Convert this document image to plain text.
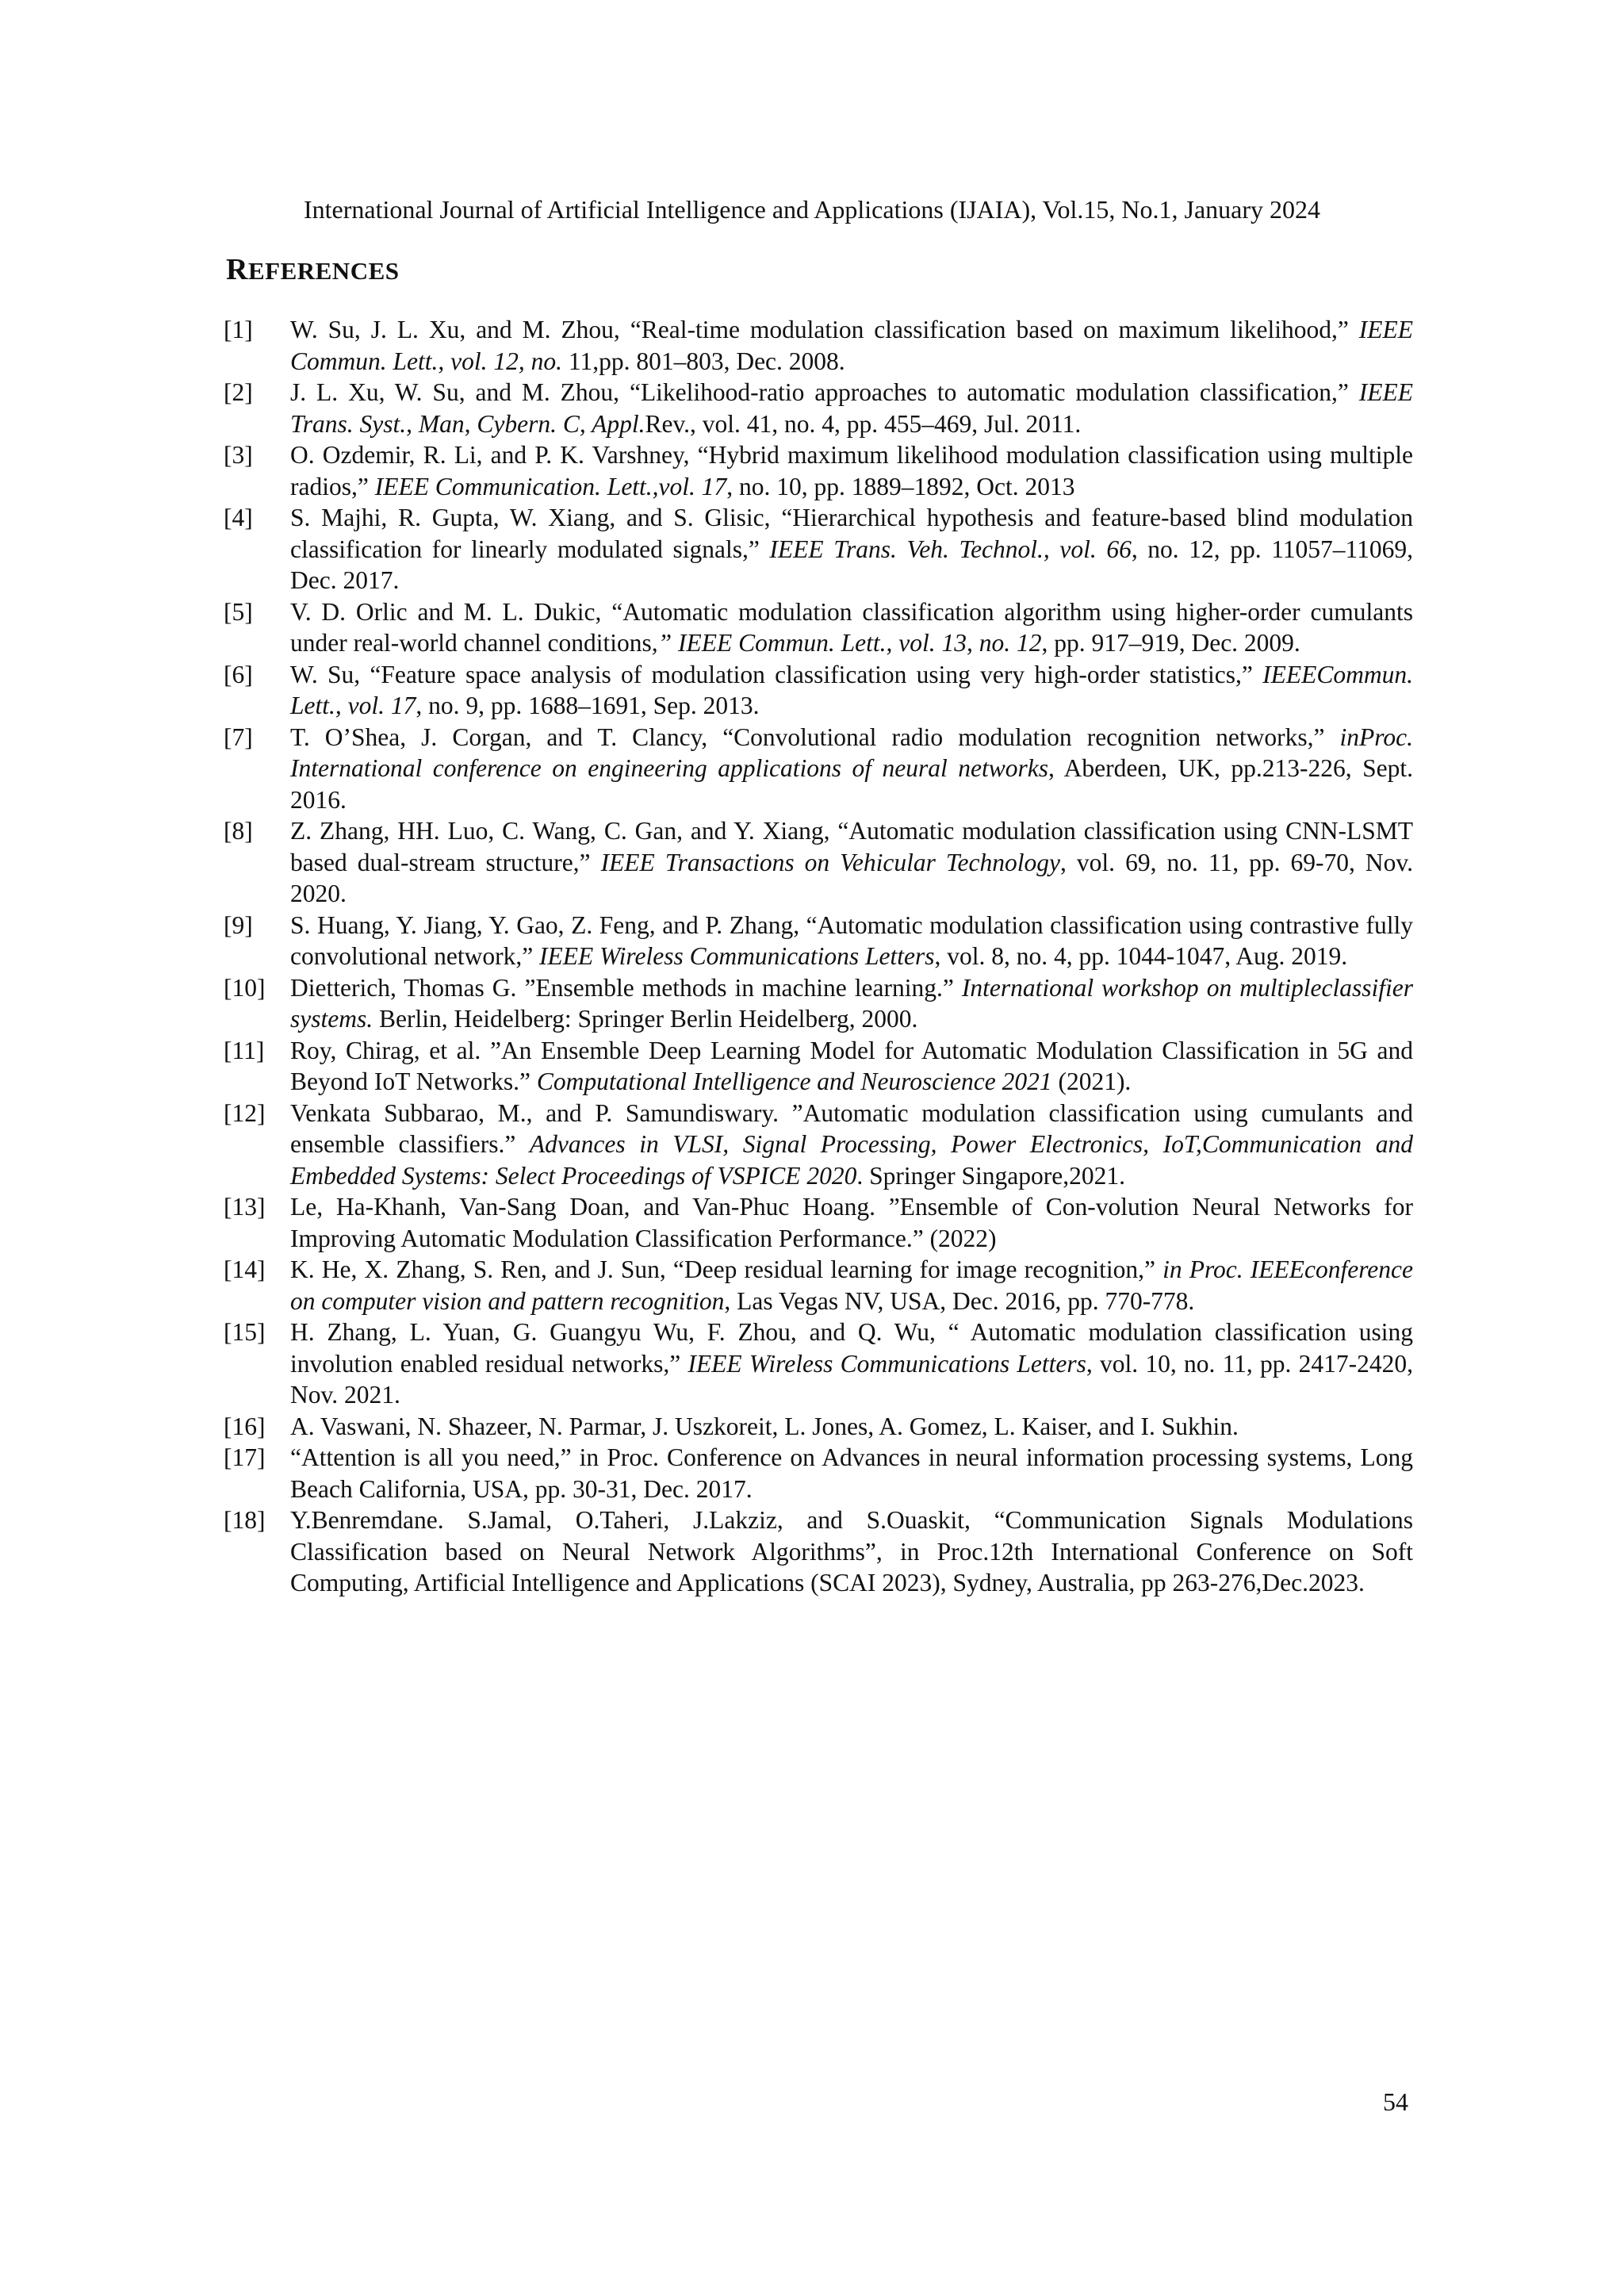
International Journal of Artificial Intelligence and Applications (IJAIA), Vol.15, No.1, January 2024
REFERENCES
[1]	W. Su, J. L. Xu, and M. Zhou, “Real-time modulation classification based on maximum likelihood,” IEEE Commun. Lett., vol. 12, no. 11,pp. 801–803, Dec. 2008.
[2]	J. L. Xu, W. Su, and M. Zhou, “Likelihood-ratio approaches to automatic modulation classification,” IEEE Trans. Syst., Man, Cybern. C, Appl.Rev., vol. 41, no. 4, pp. 455–469, Jul. 2011.
[3]	O. Ozdemir, R. Li, and P. K. Varshney, “Hybrid maximum likelihood modulation classification using multiple radios,” IEEE Communication. Lett.,vol. 17, no. 10, pp. 1889–1892, Oct. 2013
[4]	S. Majhi, R. Gupta, W. Xiang, and S. Glisic, “Hierarchical hypothesis and feature-based blind modulation classification for linearly modulated signals,” IEEE Trans. Veh. Technol., vol. 66, no. 12, pp. 11057–11069, Dec. 2017.
[5]	V. D. Orlic and M. L. Dukic, “Automatic modulation classification algorithm using higher-order cumulants under real-world channel conditions,” IEEE Commun. Lett., vol. 13, no. 12, pp. 917–919, Dec. 2009.
[6]	W. Su, “Feature space analysis of modulation classification using very high-order statistics,” IEEECommun. Lett., vol. 17, no. 9, pp. 1688–1691, Sep. 2013.
[7]	T. O’Shea, J. Corgan, and T. Clancy, “Convolutional radio modulation recognition networks,” inProc. International conference on engineering applications of neural networks, Aberdeen, UK, pp.213-226, Sept. 2016.
[8]	Z. Zhang, HH. Luo, C. Wang, C. Gan, and Y. Xiang, “Automatic modulation classification using CNN-LSMT based dual-stream structure,” IEEE Transactions on Vehicular Technology, vol. 69, no. 11, pp. 69-70, Nov. 2020.
[9]	S. Huang, Y. Jiang, Y. Gao, Z. Feng, and P. Zhang, “Automatic modulation classification using contrastive fully convolutional network,” IEEE Wireless Communications Letters, vol. 8, no. 4, pp. 1044-1047, Aug. 2019.
[10]	Dietterich, Thomas G. ”Ensemble methods in machine learning.” International workshop on multipleclassifier systems. Berlin, Heidelberg: Springer Berlin Heidelberg, 2000.
[11]	Roy, Chirag, et al. ”An Ensemble Deep Learning Model for Automatic Modulation Classification in 5G and Beyond IoT Networks.” Computational Intelligence and Neuroscience 2021 (2021).
[12]	Venkata Subbarao, M., and P. Samundiswary. ”Automatic modulation classification using cumulants and ensemble classifiers.” Advances in VLSI, Signal Processing, Power Electronics, IoT,Communication and Embedded Systems: Select Proceedings of VSPICE 2020. Springer Singapore,2021.
[13]	Le, Ha-Khanh, Van-Sang Doan, and Van-Phuc Hoang. ”Ensemble of Con-volution Neural Networks for Improving Automatic Modulation Classification Performance.” (2022)
[14]	K. He, X. Zhang, S. Ren, and J. Sun, “Deep residual learning for image recognition,” in Proc. IEEEconference on computer vision and pattern recognition, Las Vegas NV, USA, Dec. 2016, pp. 770-778.
[15]	H. Zhang, L. Yuan, G. Guangyu Wu, F. Zhou, and Q. Wu, “ Automatic modulation classification using involution enabled residual networks,” IEEE Wireless Communications Letters, vol. 10, no. 11, pp. 2417-2420, Nov. 2021.
[16]	A. Vaswani, N. Shazeer, N. Parmar, J. Uszkoreit, L. Jones, A. Gomez, L. Kaiser, and I. Sukhin.
[17]	“Attention is all you need,” in Proc. Conference on Advances in neural information processing systems, Long Beach California, USA, pp. 30-31, Dec. 2017.
[18]	Y.Benremdane. S.Jamal, O.Taheri, J.Lakziz, and S.Ouaskit, “Communication Signals Modulations Classification based on Neural Network Algorithms”, in Proc.12th International Conference on Soft Computing, Artificial Intelligence and Applications (SCAI 2023), Sydney, Australia, pp 263-276,Dec.2023.
54
